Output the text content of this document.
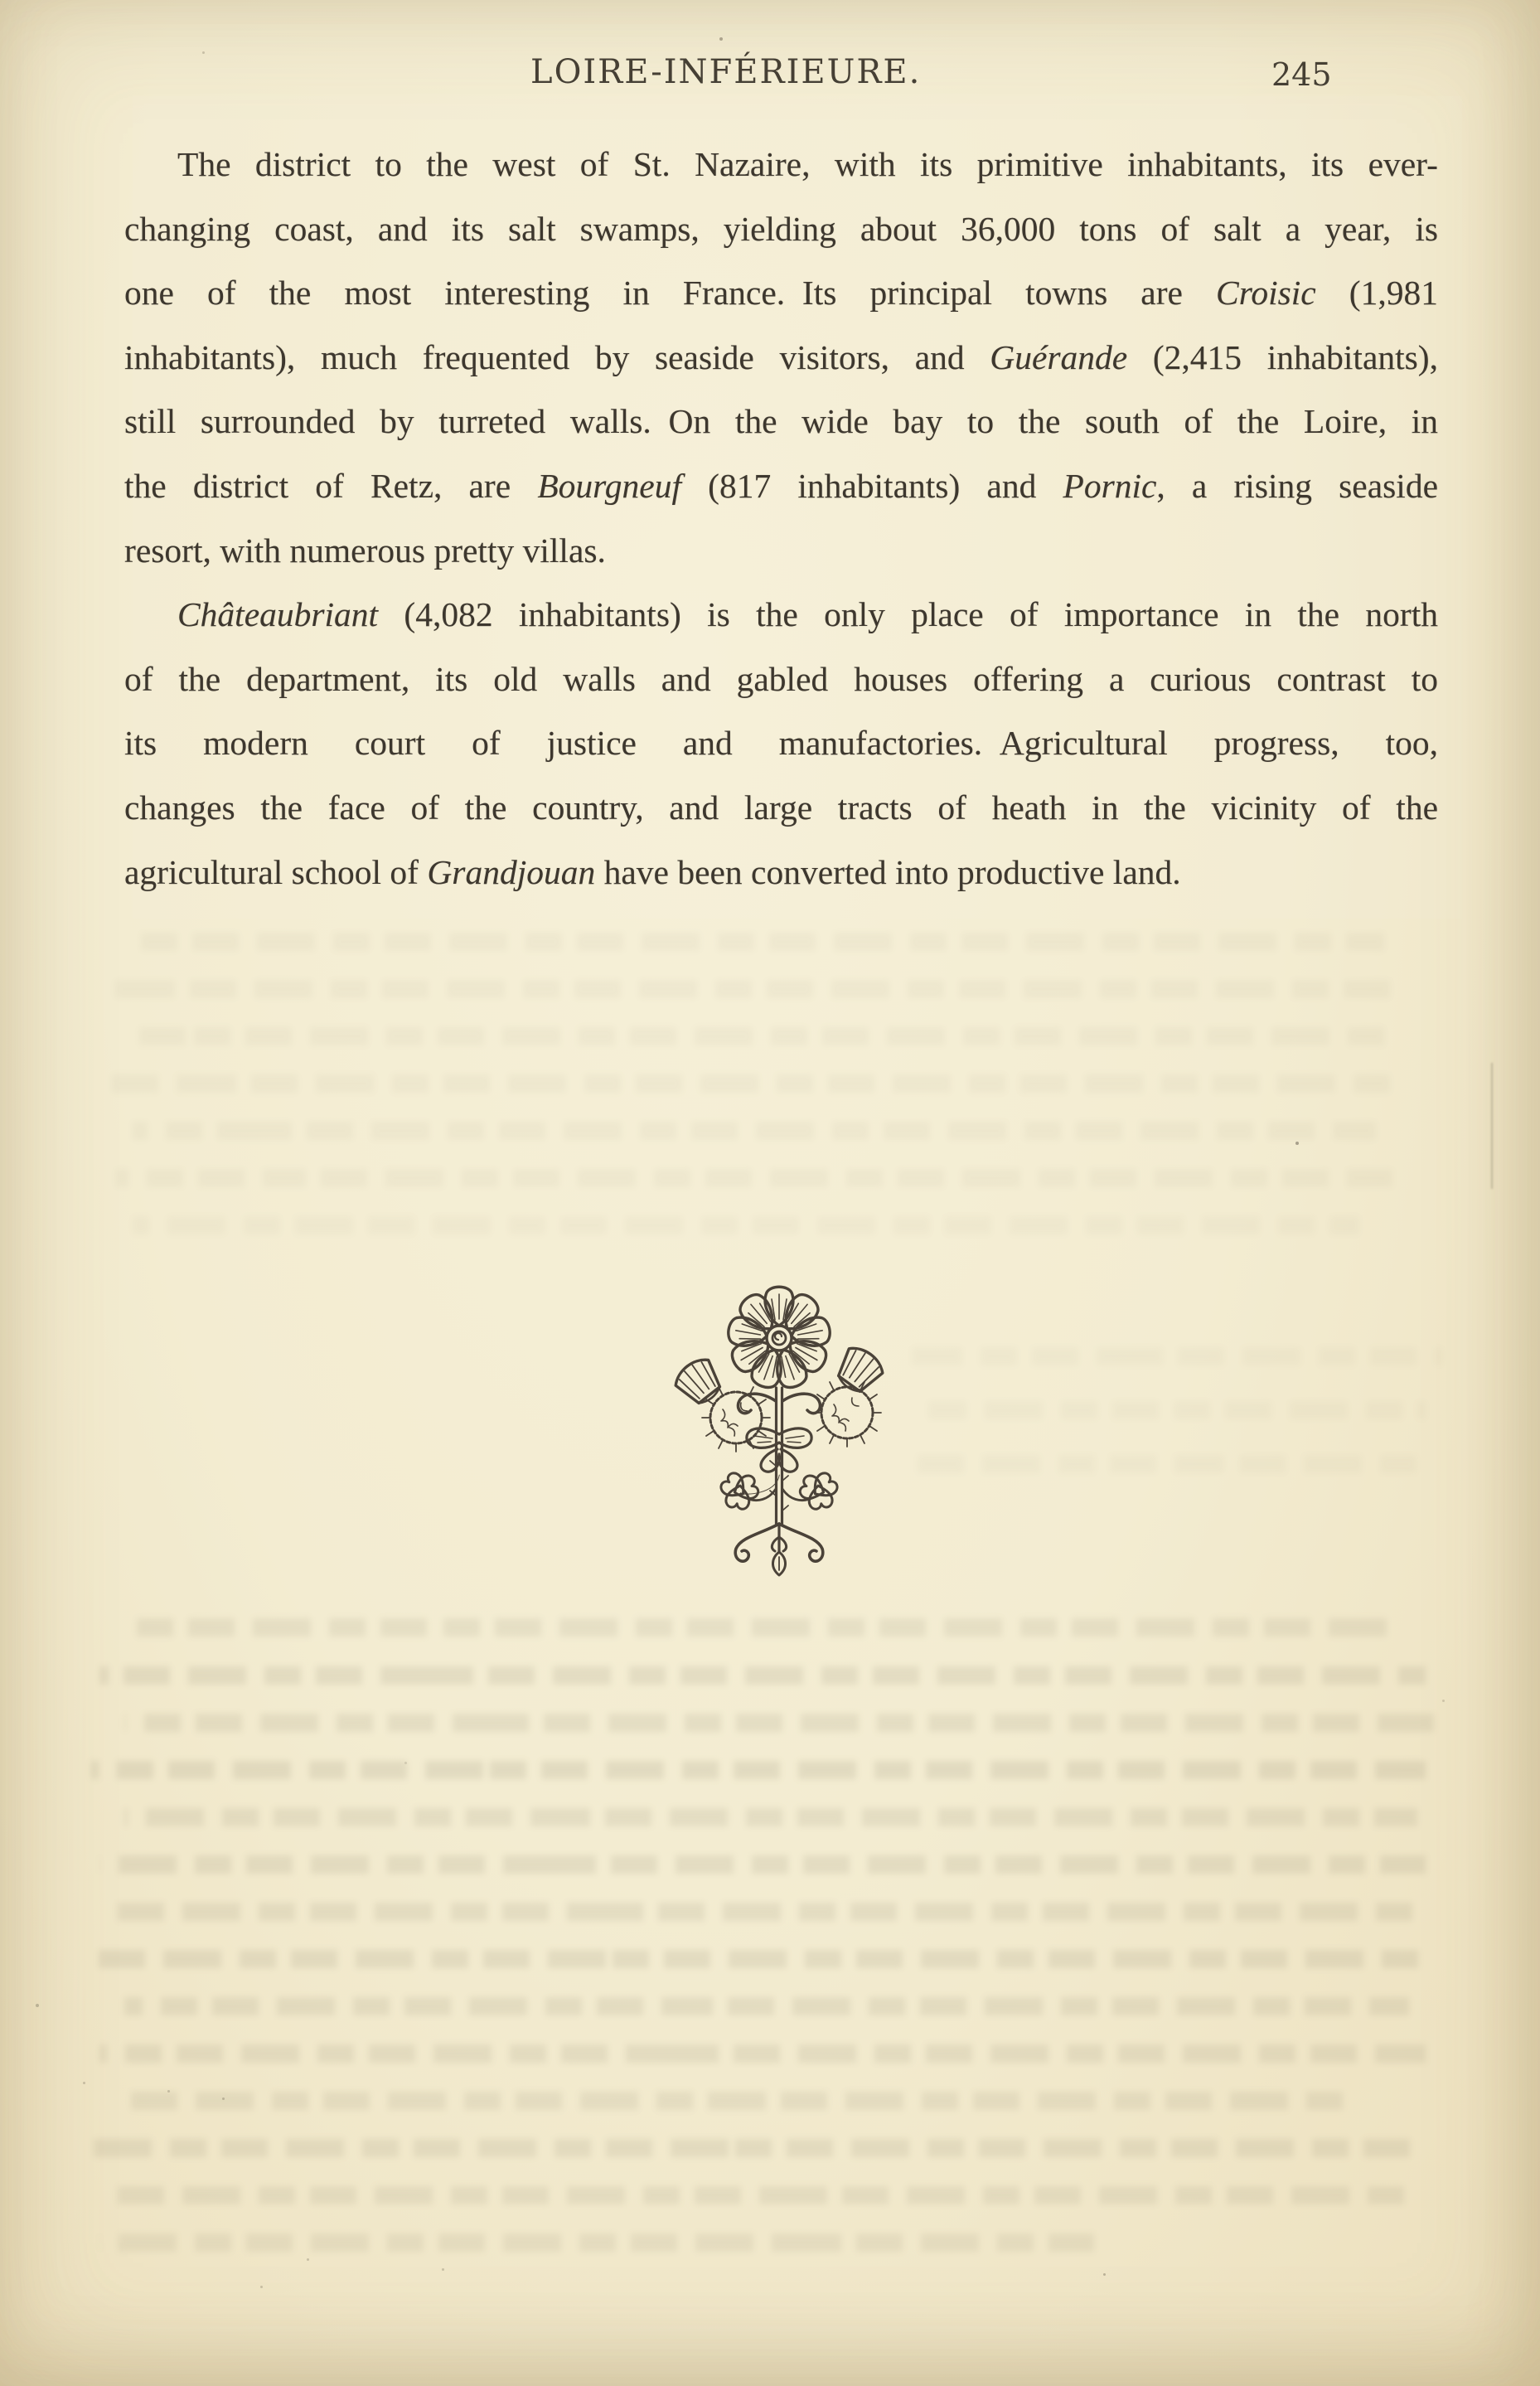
LOIRE-INFÉRIEURE.	245
The district to the west of St. Nazaire, with its primitive inhabitants, its ever-
changing coast, and its salt swamps, yielding about 36,000 tons of salt a year, is
one of the most interesting in France. Its principal towns are Croisic (1,981
inhabitants), much frequented by seaside visitors, and Guérande (2,415 inhabitants),
still surrounded by turreted walls. On the wide bay to the south of the Loire, in
the district of Retz, are Bourgneuf (817 inhabitants) and Pornic, a rising seaside
resort, with numerous pretty villas.
Châteaubriant (4,082 inhabitants) is the only place of importance in the north
of the department, its old walls and gabled houses offering a curious contrast to
its modern court of justice and manufactories. Agricultural progress, too,
changes the face of the country, and large tracts of heath in the vicinity of the
agricultural school of Grandjouan have been converted into productive land.
